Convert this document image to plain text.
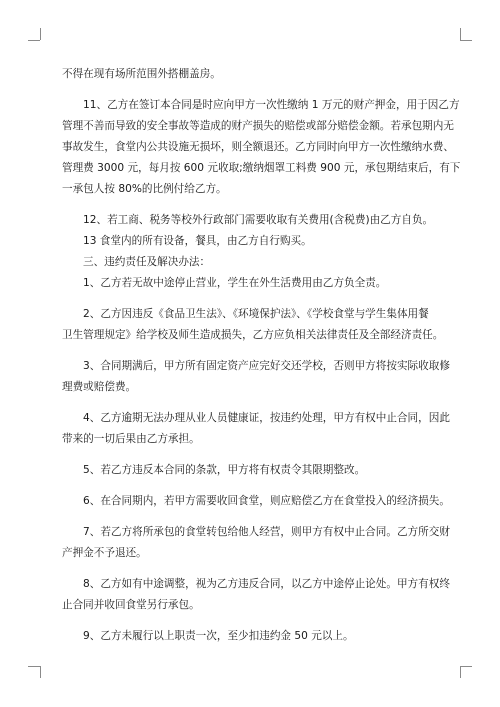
不得在现有场所范围外搭棚盖房。
11、乙方在签订本合同是时应向甲方一次性缴纳 1 万元的财产押金，用于因乙方
管理不善而导致的安全事故等造成的财产损失的赔偿或部分赔偿金额。若承包期内无
事故发生，食堂内公共设施无损坏，则全额退还。乙方同时向甲方一次性缴纳水费、
管理费 3000 元，每月按 600 元收取;缴纳烟罩工料费 900 元，承包期结束后，有下
一承包人按 80%的比例付给乙方。
12、若工商、税务等校外行政部门需要收取有关费用(含税费)由乙方自负。
13 食堂内的所有设备，餐具，由乙方自行购买。
三、违约责任及解决办法：
1、乙方若无故中途停止营业，学生在外生活费用由乙方负全责。
2、乙方因违反《食品卫生法》、《环境保护法》、《学校食堂与学生集体用餐
卫生管理规定》给学校及师生造成损失，乙方应负相关法律责任及全部经济责任。
3、合同期满后，甲方所有固定资产应完好交还学校，否则甲方将按实际收取修
理费或赔偿费。
4、乙方逾期无法办理从业人员健康证，按违约处理，甲方有权中止合同，因此
带来的一切后果由乙方承担。
5、若乙方违反本合同的条款，甲方将有权责令其限期整改。
6、在合同期内，若甲方需要收回食堂，则应赔偿乙方在食堂投入的经济损失。
7、若乙方将所承包的食堂转包给他人经营，则甲方有权中止合同。乙方所交财
产押金不予退还。
8、乙方如有中途调整，视为乙方违反合同，以乙方中途停止论处。甲方有权终
止合同并收回食堂另行承包。
9、乙方未履行以上职责一次，至少扣违约金 50 元以上。
